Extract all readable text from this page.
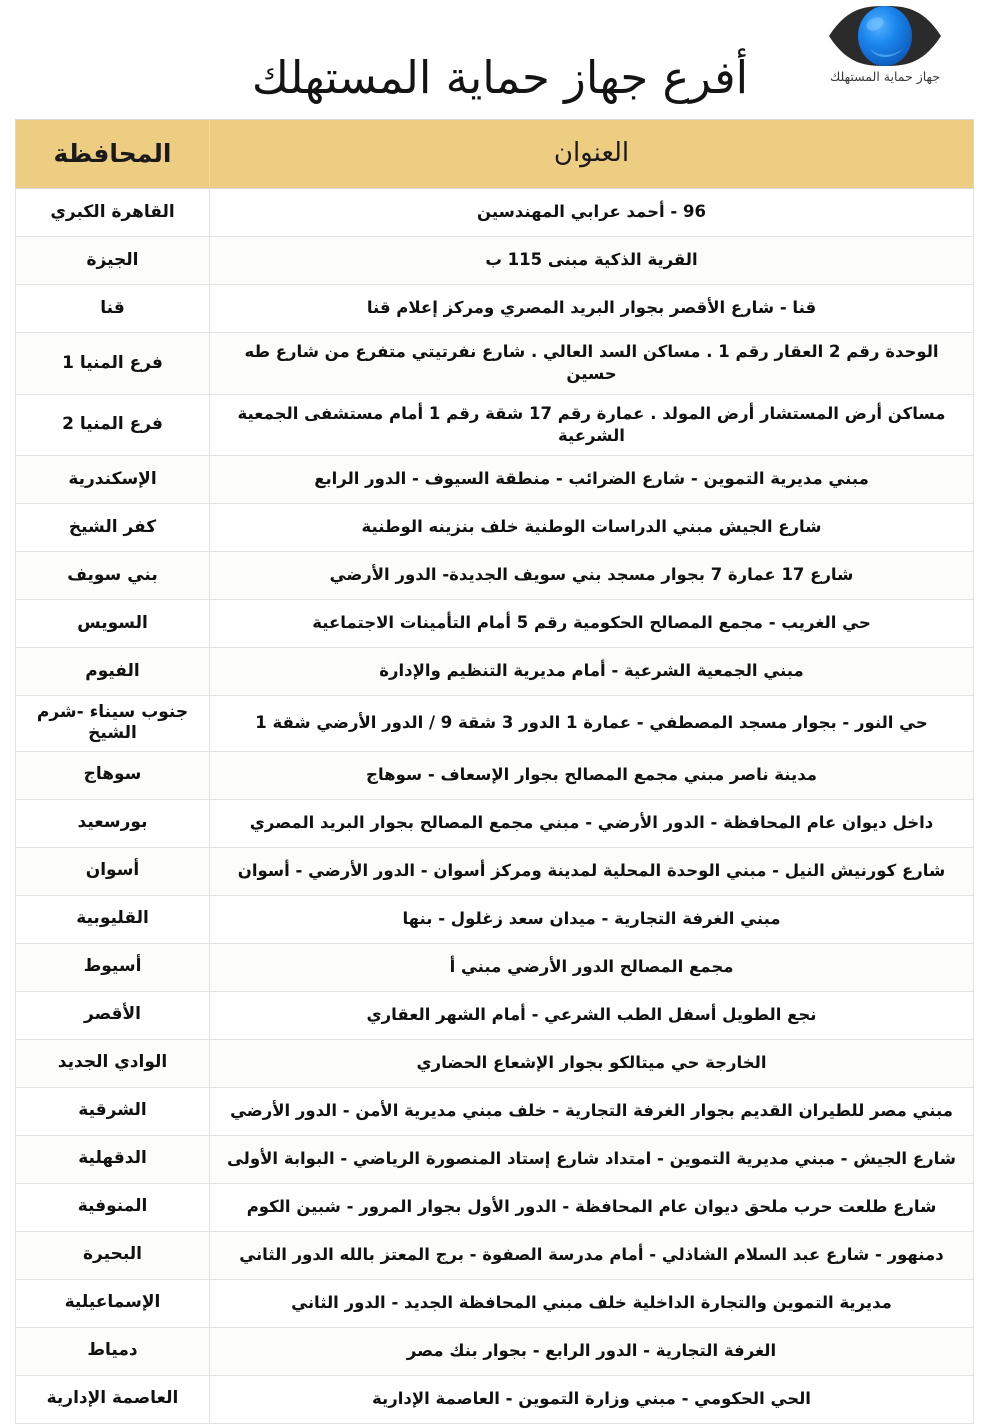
جهاز حماية المستهلك
أفرع جهاز حماية المستهلك
العنوان	المحافظة
96 - أحمد عرابي المهندسين	القاهرة الكبري
القرية الذكية مبنى 115 ب	الجيزة
قنا - شارع الأقصر بجوار البريد المصري ومركز إعلام قنا	قنا
الوحدة رقم 2 العقار رقم 1 . مساكن السد العالي . شارع نفرتيتي متفرع من شارع طه حسين	فرع المنيا 1
مساكن أرض المستشار أرض المولد . عمارة رقم 17 شقة رقم 1 أمام مستشفى الجمعية الشرعية	فرع المنيا 2
مبني مديرية التموين - شارع الضرائب - منطقة السيوف - الدور الرابع	الإسكندرية
شارع الجيش مبني الدراسات الوطنية خلف بنزينه الوطنية	كفر الشيخ
شارع 17 عمارة 7 بجوار مسجد بني سويف الجديدة- الدور الأرضي	بني سويف
حي الغريب - مجمع المصالح الحكومية رقم 5 أمام التأمينات الاجتماعية	السويس
مبني الجمعية الشرعية - أمام مديرية التنظيم والإدارة	الفيوم
حي النور - بجوار مسجد المصطفي - عمارة 1 الدور 3 شقة 9 / الدور الأرضي شقة 1	جنوب سيناء -شرم الشيخ
مدينة ناصر مبني مجمع المصالح بجوار الإسعاف - سوهاج	سوهاج
داخل ديوان عام المحافظة - الدور الأرضي - مبني مجمع المصالح بجوار البريد المصري	بورسعيد
شارع كورنيش النيل - مبني الوحدة المحلية لمدينة ومركز أسوان - الدور الأرضي - أسوان	أسوان
مبني الغرفة التجارية - ميدان سعد زغلول - بنها	القليوبية
مجمع المصالح الدور الأرضي مبني أ	أسيوط
نجع الطويل أسفل الطب الشرعي - أمام الشهر العقاري	الأقصر
الخارجة حي ميتالكو بجوار الإشعاع الحضاري	الوادي الجديد
مبني مصر للطيران القديم بجوار الغرفة التجارية - خلف مبني مديرية الأمن - الدور الأرضي	الشرقية
شارع الجيش - مبني مديرية التموين - امتداد شارع إستاد المنصورة الرياضي - البوابة الأولى	الدقهلية
شارع طلعت حرب ملحق ديوان عام المحافظة - الدور الأول بجوار المرور - شبين الكوم	المنوفية
دمنهور - شارع عبد السلام الشاذلي - أمام مدرسة الصفوة - برج المعتز بالله الدور الثاني	البحيرة
مديرية التموين والتجارة الداخلية خلف مبني المحافظة الجديد - الدور الثاني	الإسماعيلية
الغرفة التجارية - الدور الرابع - بجوار بنك مصر	دمياط
الحي الحكومي - مبني وزارة التموين - العاصمة الإدارية	العاصمة الإدارية
